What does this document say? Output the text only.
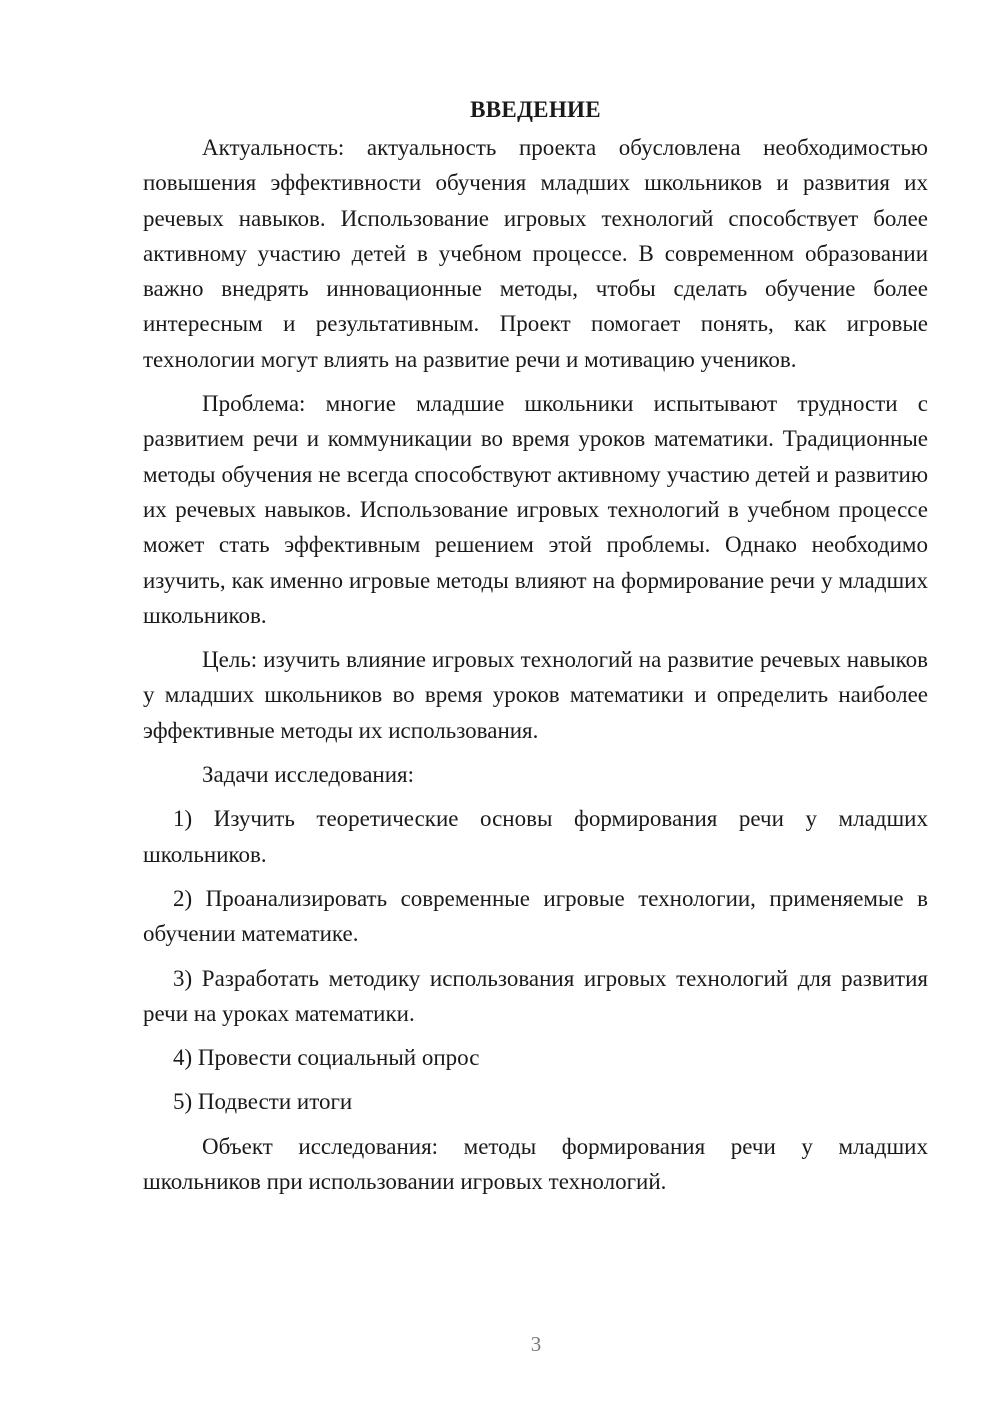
ВВЕДЕНИЕ

Актуальность: актуальность проекта обусловлена необходимостью повышения эффективности обучения младших школьников и развития их речевых навыков. Использование игровых технологий способствует более активному участию детей в учебном процессе. В современном образовании важно внедрять инновационные методы, чтобы сделать обучение более интересным и результативным. Проект помогает понять, как игровые технологии могут влиять на развитие речи и мотивацию учеников.

Проблема: многие младшие школьники испытывают трудности с развитием речи и коммуникации во время уроков математики. Традиционные методы обучения не всегда способствуют активному участию детей и развитию их речевых навыков. Использование игровых технологий в учебном процессе может стать эффективным решением этой проблемы. Однако необходимо изучить, как именно игровые методы влияют на формирование речи у младших школьников.

Цель: изучить влияние игровых технологий на развитие речевых навыков у младших школьников во время уроков математики и определить наиболее эффективные методы их использования.

Задачи исследования:

1) Изучить теоретические основы формирования речи у младших школьников.

2) Проанализировать современные игровые технологии, применяемые в обучении математике.

3) Разработать методику использования игровых технологий для развития речи на уроках математики.

4) Провести социальный опрос

5) Подвести итоги

Объект исследования: методы формирования речи у младших школьников при использовании игровых технологий.

3
